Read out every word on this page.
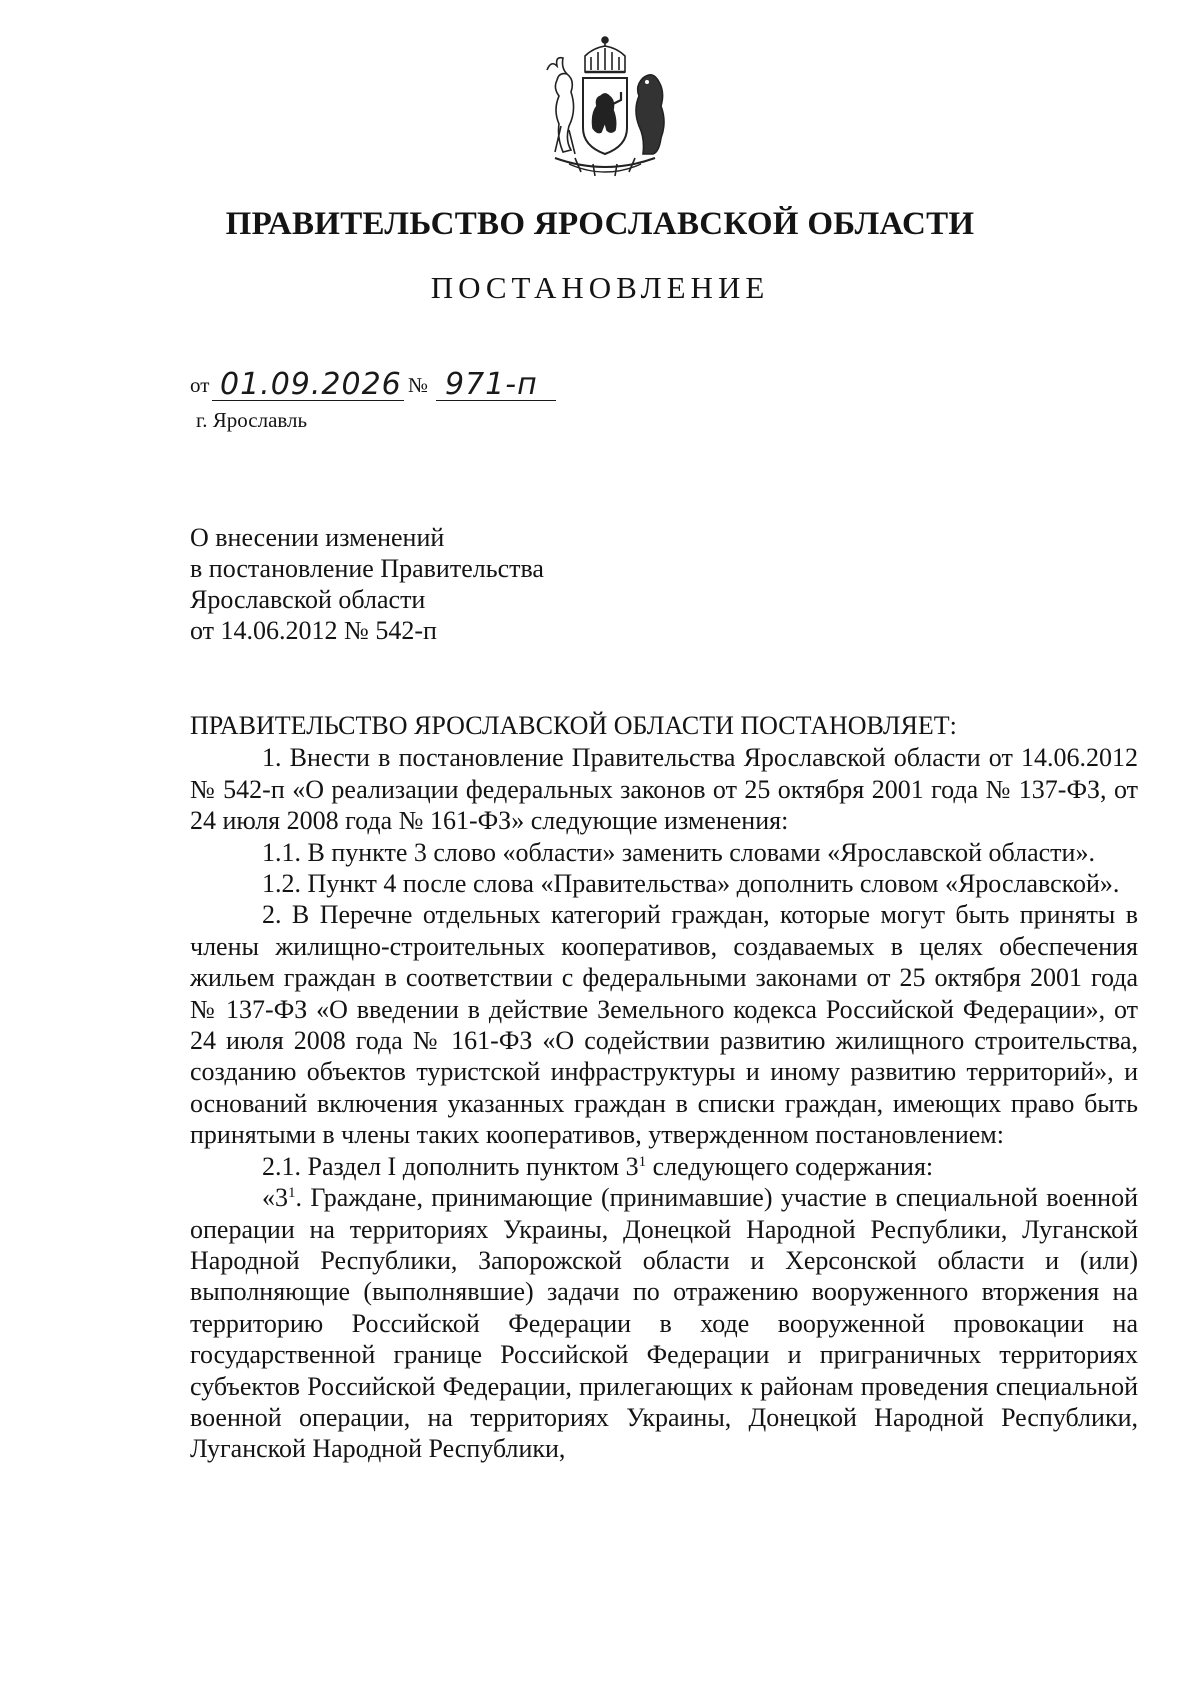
ПРАВИТЕЛЬСТВО ЯРОСЛАВСКОЙ ОБЛАСТИ
ПОСТАНОВЛЕНИЕ
от 01.09.2026 № 971-п
г. Ярославль
О внесении изменений
в постановление Правительства
Ярославской области
от 14.06.2012 № 542-п

ПРАВИТЕЛЬСТВО ЯРОСЛАВСКОЙ ОБЛАСТИ ПОСТАНОВЛЯЕТ:

1. Внести в постановление Правительства Ярославской области от 14.06.2012 № 542-п «О реализации федеральных законов от 25 октября 2001 года № 137-ФЗ, от 24 июля 2008 года № 161-ФЗ» следующие изменения:

1.1. В пункте 3 слово «области» заменить словами «Ярославской области».

1.2. Пункт 4 после слова «Правительства» дополнить словом «Ярославской».

2. В Перечне отдельных категорий граждан, которые могут быть приняты в члены жилищно-строительных кооперативов, создаваемых в целях обеспечения жильем граждан в соответствии с федеральными законами от 25 октября 2001 года № 137-ФЗ «О введении в действие Земельного кодекса Российской Федерации», от 24 июля 2008 года № 161-ФЗ «О содействии развитию жилищного строительства, созданию объектов туристской инфраструктуры и иному развитию территорий», и оснований включения указанных граждан в списки граждан, имеющих право быть принятыми в члены таких кооперативов, утвержденном постановлением:

2.1. Раздел I дополнить пунктом $3^1$ следующего содержания:

«$3^1$. Граждане, принимающие (принимавшие) участие в специальной военной операции на территориях Украины, Донецкой Народной Республики, Луганской Народной Республики, Запорожской области и Херсонской области и (или) выполняющие (выполнявшие) задачи по отражению вооруженного вторжения на территорию Российской Федерации в ходе вооруженной провокации на государственной границе Российской Федерации и приграничных территориях субъектов Российской Федерации, прилегающих к районам проведения специальной военной операции, на территориях Украины, Донецкой Народной Республики, Луганской Народной Республики,
